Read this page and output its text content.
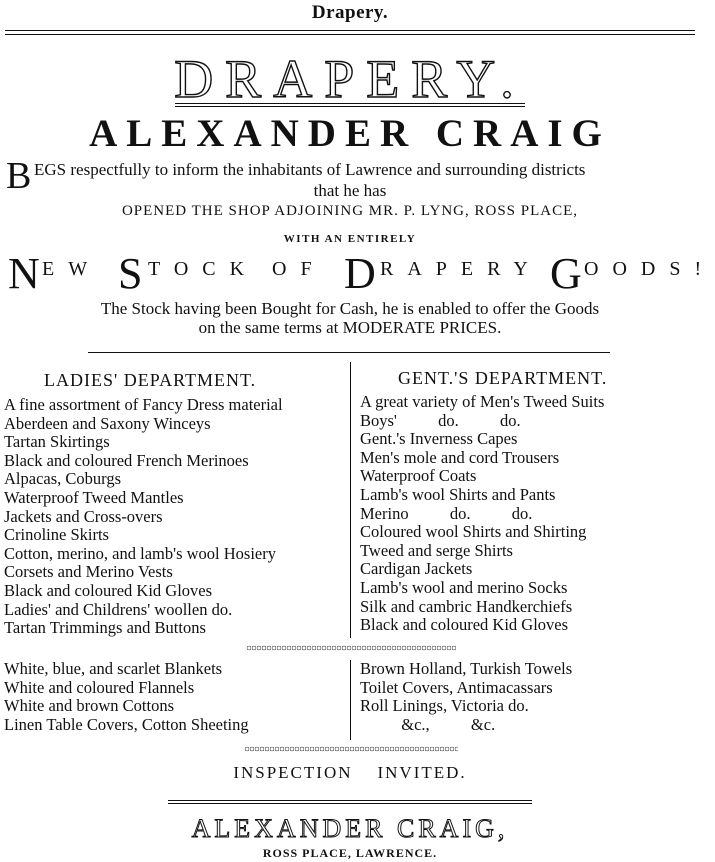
Drapery.
DRAPERY.
ALEXANDER CRAIG
B EGS respectfully to inform the inhabitants of Lawrence and surrounding districts
that he has
OPENED THE SHOP ADJOINING MR. P. LYNG, ROSS PLACE,
WITH AN ENTIRELY
N EW S TOCK OF D RAPERY G OODS!
The Stock having been Bought for Cash, he is enabled to offer the Goods
on the same terms at MODERATE PRICES.
LADIES' DEPARTMENT.	GENT.'S DEPARTMENT.
A fine assortment of Fancy Dress material
Aberdeen and Saxony Winceys
Tartan Skirtings
Black and coloured French Merinoes
Alpacas, Coburgs
Waterproof Tweed Mantles
Jackets and Cross-overs
Crinoline Skirts
Cotton, merino, and lamb's wool Hosiery
Corsets and Merino Vests
Black and coloured Kid Gloves
Ladies' and Childrens' woollen do.
Tartan Trimmings and Buttons
A great variety of Men's Tweed Suits
Boys'          do.          do.
Gent.'s Inverness Capes
Men's mole and cord Trousers
Waterproof Coats
Lamb's wool Shirts and Pants
Merino          do.          do.
Coloured wool Shirts and Shirting
Tweed and serge Shirts
Cardigan Jackets
Lamb's wool and merino Socks
Silk and cambric Handkerchiefs
Black and coloured Kid Gloves
White, blue, and scarlet Blankets
White and coloured Flannels
White and brown Cottons
Linen Table Covers, Cotton Sheeting
Brown Holland, Turkish Towels
Toilet Covers, Antimacassars
Roll Linings, Victoria do.
&c.,          &c.
INSPECTION    INVITED.
ALEXANDER CRAIG,
ROSS PLACE, LAWRENCE.
